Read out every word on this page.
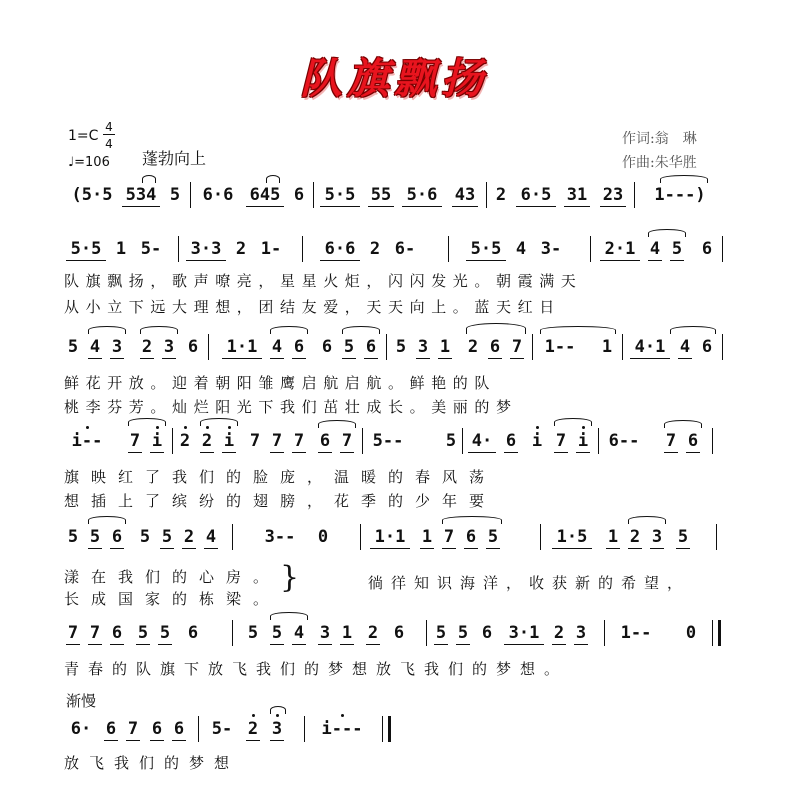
队旗飘扬
1=C
4
4
♩=106 蓬勃向上
作词:翁　琳
作曲:朱华胜
(5·5 534 5 6·6 645 6 5·5 55 5·6 43 2 6·5 31 23	1---)
5·5 1 5- 3·3 2 1-	6·6 2 6-	5·5 4 3-	2·1 4 5 6
队旗飘扬，歌声嘹亮，星星火炬，闪闪发光。朝霞满天
从小立下远大理想，团结友爱，天天向上。蓝天红日
5 4 3 2 3 6 1·1 4 6 6 5 6 5 3 1 2 6 7 1-- 1 4·1 4 6
鲜花开放。迎着朝阳雏鹰启航启航。鲜艳的队
桃李芬芳。灿烂阳光下我们茁壮成长。美丽的梦
i--	7 i 2 2 i 7 7 7 6 7 5--	5 4· 6 i 7 i 6-- 7 6
旗映红了我们的脸庞，温暖的春风荡
想插上了缤纷的翅膀，花季的少年要
5 5 6 5 5 2 4	3-- 0	1·1 1 7 6 5	1·5 1 2 3 5
漾在我们的心房。
长成国家的栋梁。
}	徜徉知识海洋，收获新的希望，
7 7 6 5 5 6	5 5 4 3 1 2 6 5 5 6 3·1 2 3 1-- 0
青春的队旗下放飞我们的梦想放飞我们的梦想。
渐慢
6· 6 7 6 6 5- 2 3	i---
放飞我们的梦想
